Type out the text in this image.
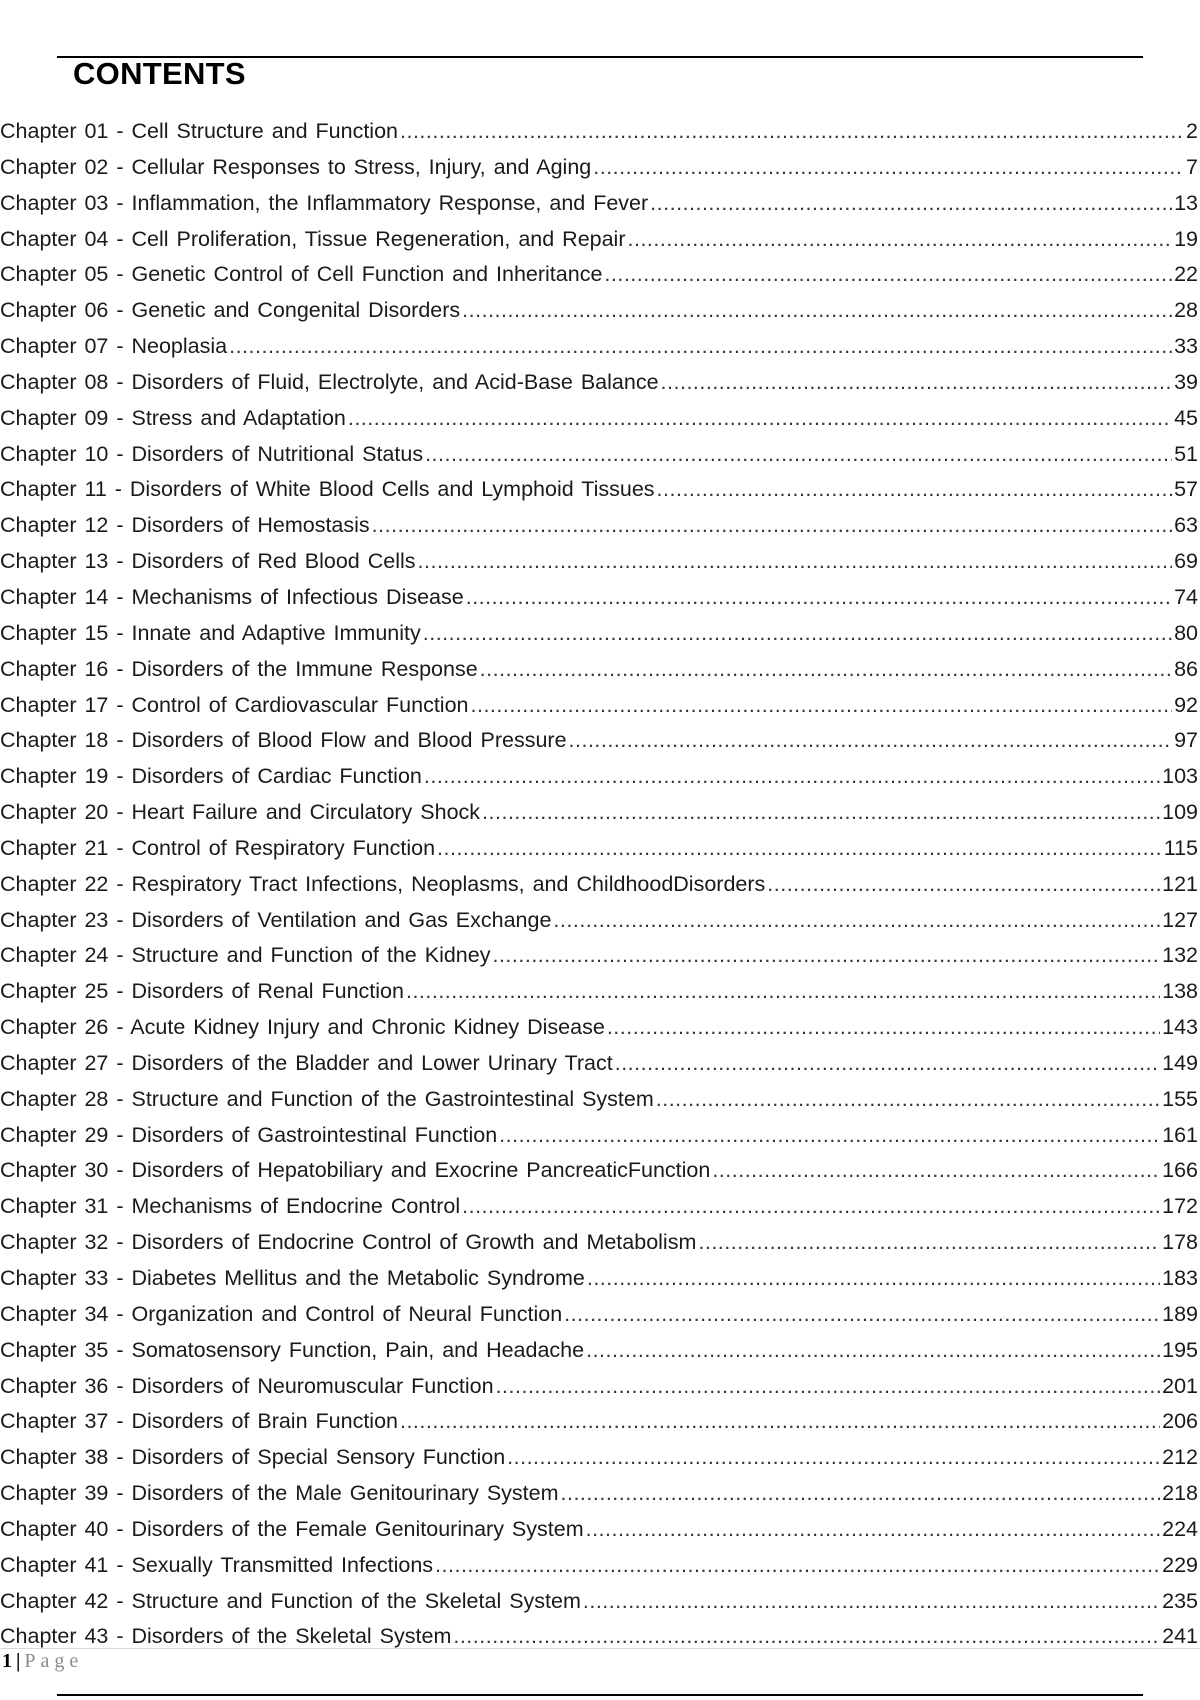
CONTENTS
Chapter 01 - Cell Structure and Function .....	2
Chapter 02 - Cellular Responses to Stress, Injury, and Aging .....	7
Chapter 03 - Inflammation, the Inflammatory Response, and Fever .....	13
Chapter 04 - Cell Proliferation, Tissue Regeneration, and Repair .....	19
Chapter 05 - Genetic Control of Cell Function and Inheritance .....	22
Chapter 06 - Genetic and Congenital Disorders .....	28
Chapter 07 - Neoplasia .....	33
Chapter 08 - Disorders of Fluid, Electrolyte, and Acid-Base Balance .....	39
Chapter 09 - Stress and Adaptation .....	45
Chapter 10 - Disorders of Nutritional Status .....	51
Chapter 11 - Disorders of White Blood Cells and Lymphoid Tissues .....	57
Chapter 12 - Disorders of Hemostasis .....	63
Chapter 13 - Disorders of Red Blood Cells .....	69
Chapter 14 - Mechanisms of Infectious Disease .....	74
Chapter 15 - Innate and Adaptive Immunity .....	80
Chapter 16 - Disorders of the Immune Response .....	86
Chapter 17 - Control of Cardiovascular Function .....	92
Chapter 18 - Disorders of Blood Flow and Blood Pressure .....	97
Chapter 19 - Disorders of Cardiac Function .....	103
Chapter 20 - Heart Failure and Circulatory Shock .....	109
Chapter 21 - Control of Respiratory Function .....	115
Chapter 22 - Respiratory Tract Infections, Neoplasms, and ChildhoodDisorders .....	121
Chapter 23 - Disorders of Ventilation and Gas Exchange .....	127
Chapter 24 - Structure and Function of the Kidney .....	132
Chapter 25 - Disorders of Renal Function .....	138
Chapter 26 - Acute Kidney Injury and Chronic Kidney Disease .....	143
Chapter 27 - Disorders of the Bladder and Lower Urinary Tract .....	149
Chapter 28 - Structure and Function of the Gastrointestinal System .....	155
Chapter 29 - Disorders of Gastrointestinal Function .....	161
Chapter 30 - Disorders of Hepatobiliary and Exocrine PancreaticFunction .....	166
Chapter 31 - Mechanisms of Endocrine Control .....	172
Chapter 32 - Disorders of Endocrine Control of Growth and Metabolism .....	178
Chapter 33 - Diabetes Mellitus and the Metabolic Syndrome .....	183
Chapter 34 - Organization and Control of Neural Function .....	189
Chapter 35 - Somatosensory Function, Pain, and Headache .....	195
Chapter 36 - Disorders of Neuromuscular Function .....	201
Chapter 37 - Disorders of Brain Function .....	206
Chapter 38 - Disorders of Special Sensory Function .....	212
Chapter 39 - Disorders of the Male Genitourinary System .....	218
Chapter 40 - Disorders of the Female Genitourinary System .....	224
Chapter 41 - Sexually Transmitted Infections .....	229
Chapter 42 - Structure and Function of the Skeletal System .....	235
Chapter 43 - Disorders of the Skeletal System .....	241
1 | Page
